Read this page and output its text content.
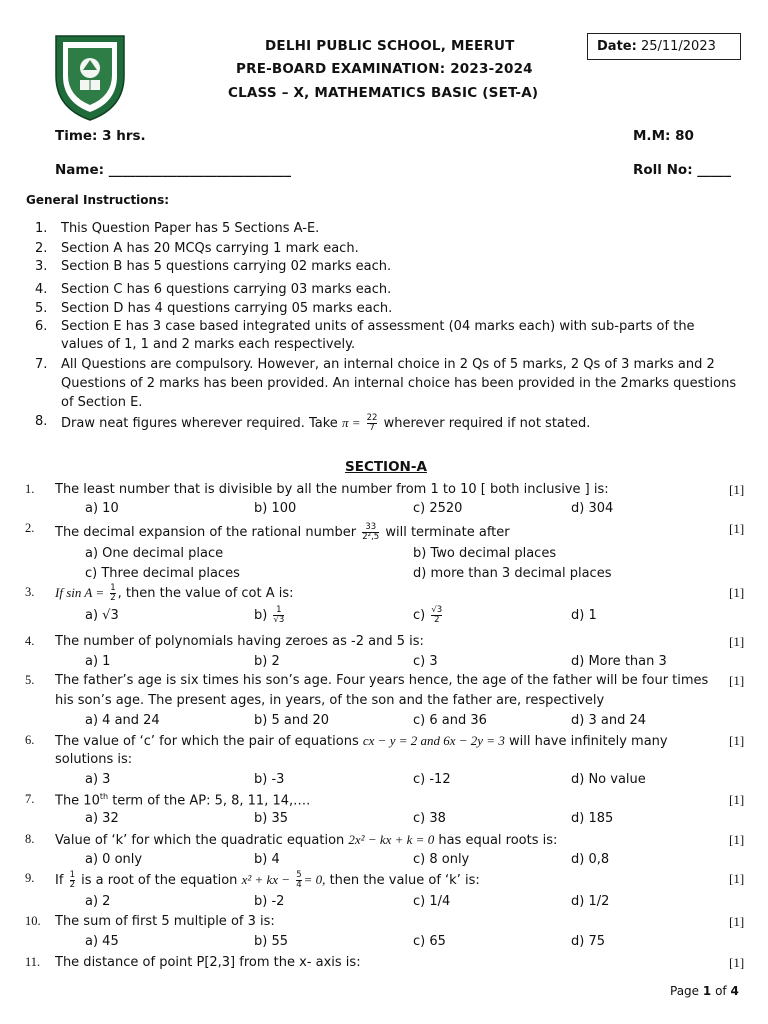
DELHI PUBLIC SCHOOL, MEERUT
PRE-BOARD EXAMINATION: 2023-2024
CLASS – X, MATHEMATICS BASIC (SET-A)
Date: 25/11/2023
Time: 3 hrs.	M.M: 80
Name: ___________________________	Roll No: _____
General Instructions:
1. This Question Paper has 5 Sections A-E.
2. Section A has 20 MCQs carrying 1 mark each.
3. Section B has 5 questions carrying 02 marks each.
4. Section C has 6 questions carrying 03 marks each.
5. Section D has 4 questions carrying 05 marks each.
6. Section E has 3 case based integrated units of assessment (04 marks each) with sub-parts of the
values of 1, 1 and 2 marks each respectively.
7. All Questions are compulsory. However, an internal choice in 2 Qs of 5 marks, 2 Qs of 3 marks and 2
Questions of 2 marks has been provided. An internal choice has been provided in the 2marks questions
of Section E.
8. Draw neat figures wherever required. Take $\pi = \frac{22}{7}$ wherever required if not stated.
SECTION-A
1. The least number that is divisible by all the number from 1 to 10 [ both inclusive ] is:	[1]
a) 10	b) 100	c) 2520	d) 304
2. The decimal expansion of the rational number $\frac{33}{\text{2²,5}}$ will terminate after	[1]
a) One decimal place	b) Two decimal places
c) Three decimal places	d) more than 3 decimal places
3. If $\sin A = \frac{1}{2}$ , then the value of cot A is:	[1]
a) √3	$b) \frac{1}{√3}$	$c) \frac{√3}{2}$	d) 1
4. The number of polynomials having zeroes as -2 and 5 is:	[1]
a) 1	b) 2	c) 3	d) More than 3
5. The father’s age is six times his son’s age. Four years hence, the age of the father will be four times
his son’s age. The present ages, in years, of the son and the father are, respectively
[1]
a) 4 and 24	b) 5 and 20	c) 6 and 36	d) 3 and 24
6. The value of ‘c’ for which the pair of equations cx − y = 2 and 6x − 2y = 3 will have infinitely many
solutions is:
[1]
a) 3	b) -3	c) -12	d) No value
7. The 10th term of the AP: 5, 8, 11, 14,….	[1]
a) 32	b) 35	c) 38	d) 185
8. Value of ‘k’ for which the quadratic equation 2x² − kx + k = 0 has equal roots is:	[1]
a) 0 only	b) 4	c) 8 only	d) 0,8
9. If $\frac{1}{2}$ is a root of the equation x² + kx − $\frac{5}{4} = 0$, then the value of ‘k’ is:	[1]
a) 2	b) -2	c) 1/4	d) 1/2
10. The sum of first 5 multiple of 3 is:	[1]
a) 45	b) 55	c) 65	d) 75
11. The distance of point P[2,3] from the x- axis is:	[1]
Page 1 of 4
